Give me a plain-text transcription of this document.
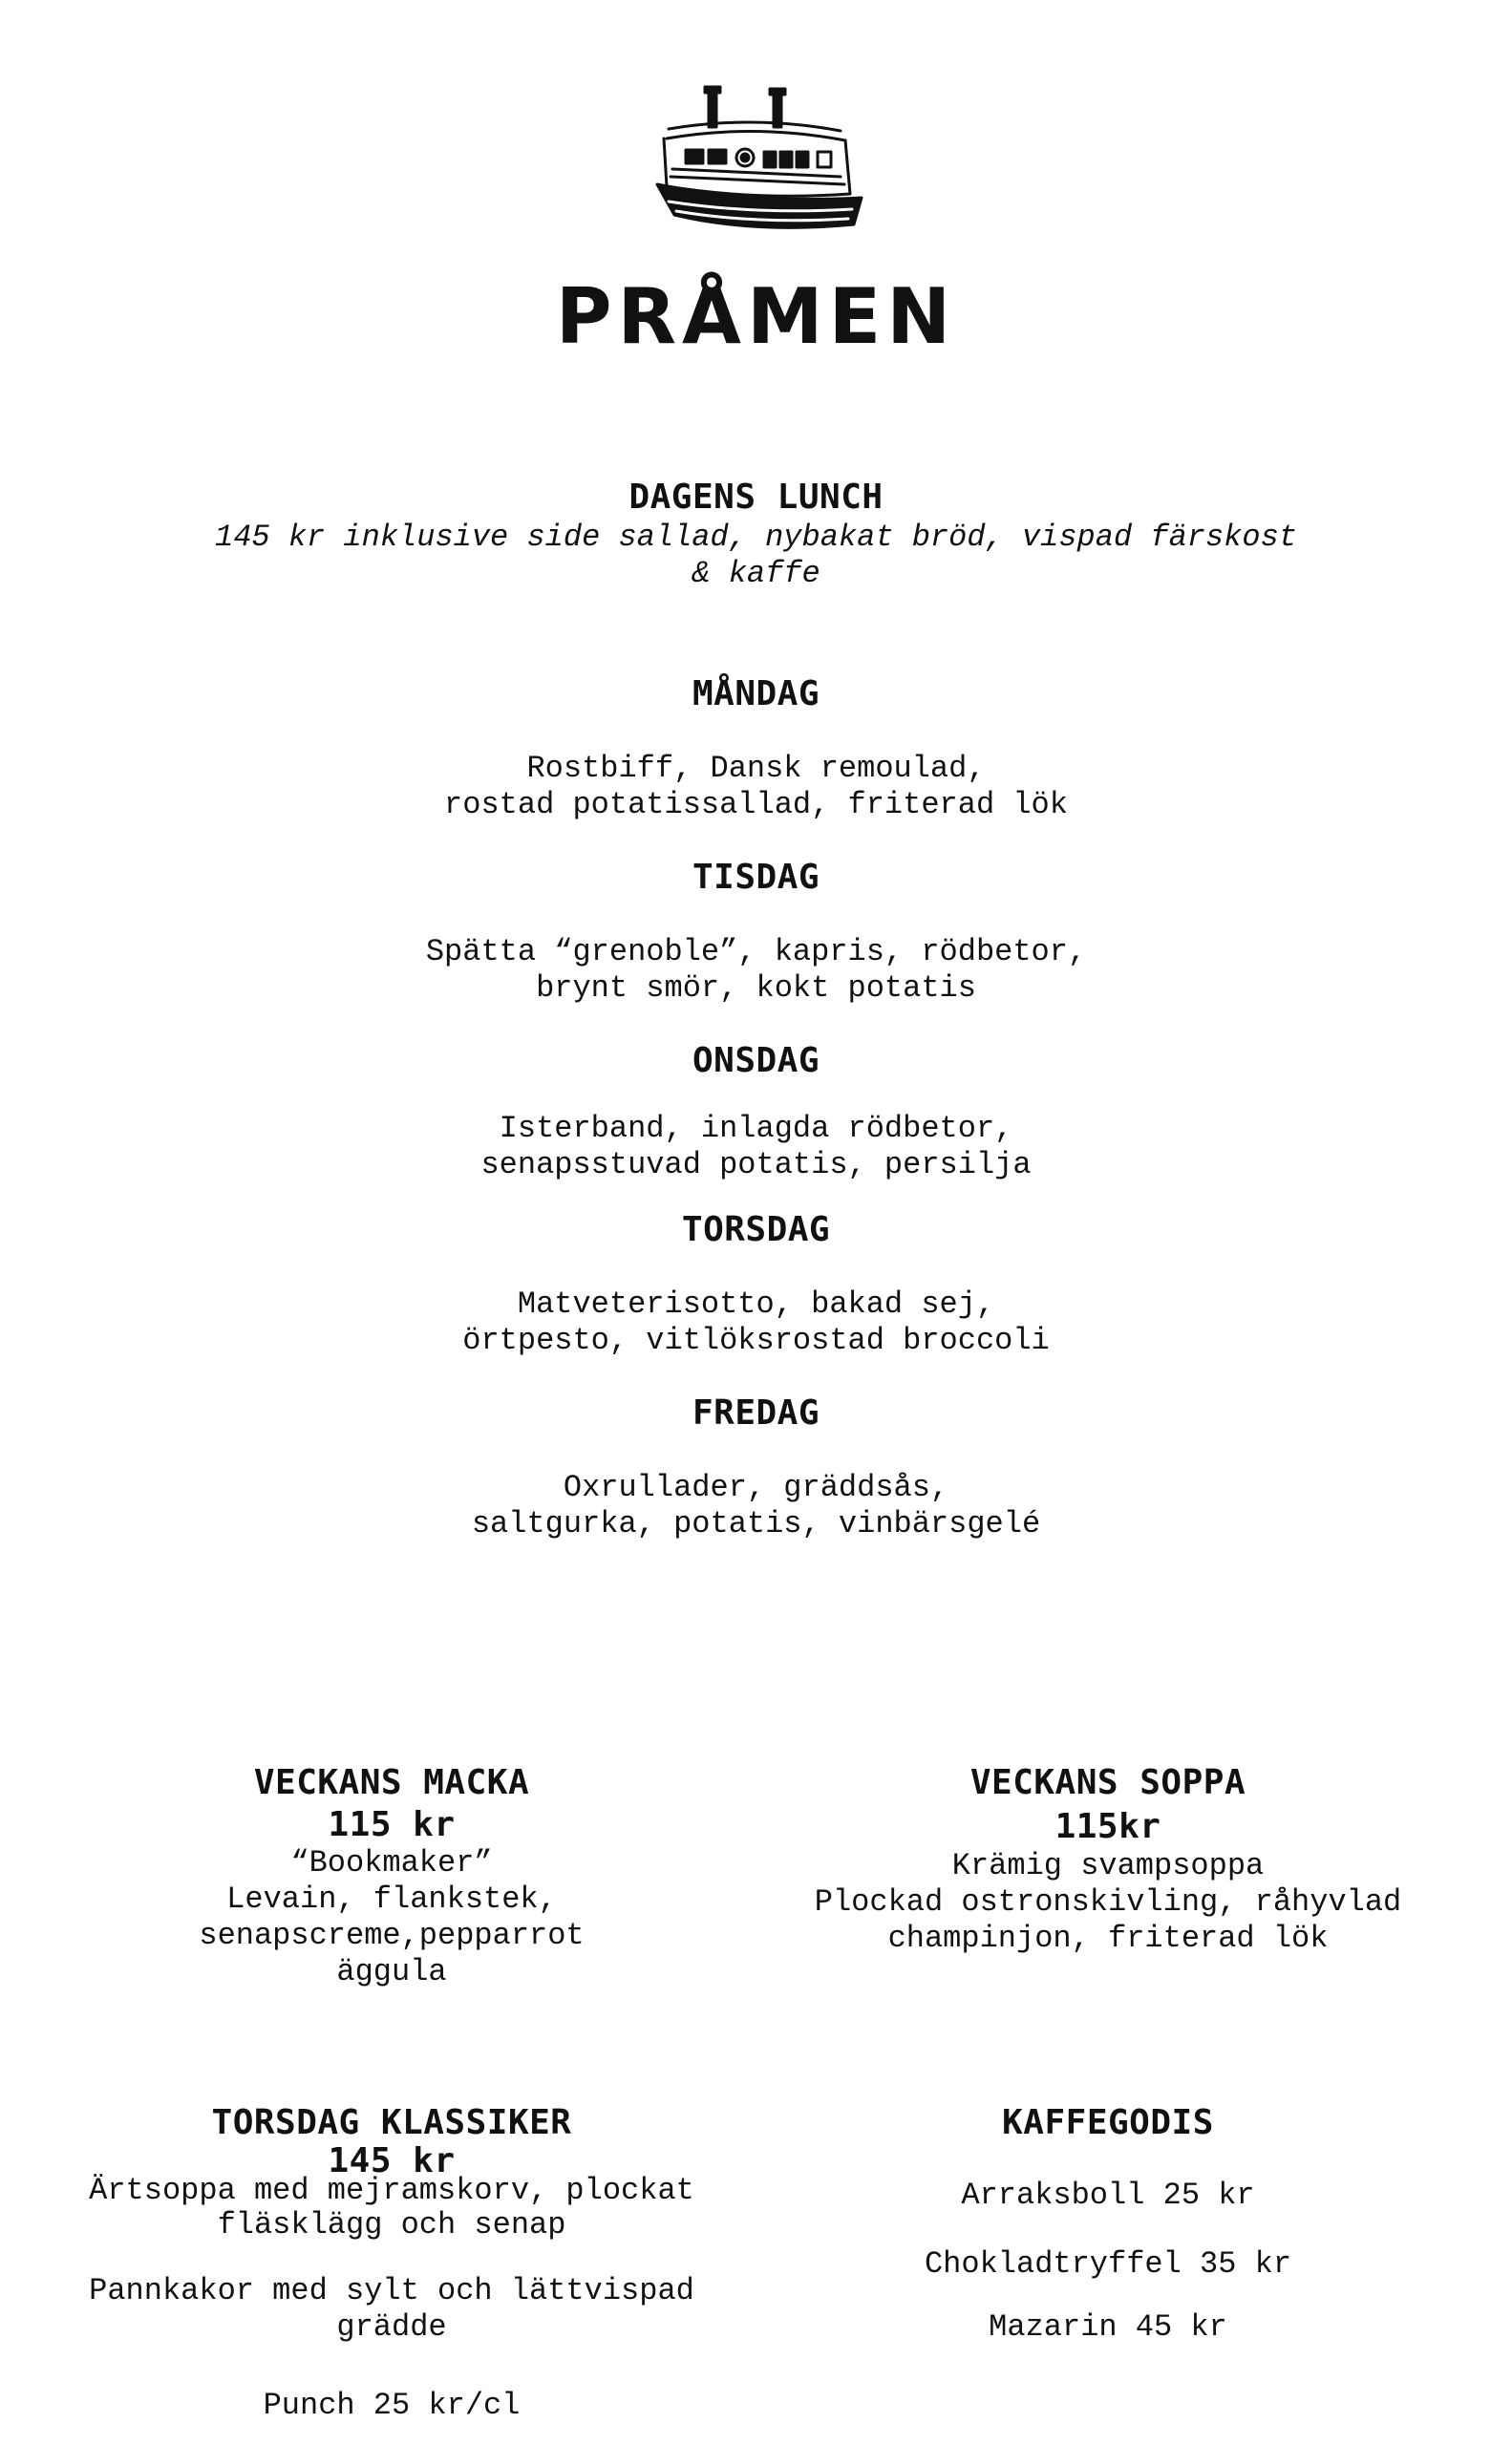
PRÅMEN
DAGENS LUNCH
145 kr inklusive side sallad, nybakat bröd, vispad färskost
& kaffe
MÅNDAG
Rostbiff, Dansk remoulad,
rostad potatissallad, friterad lök
TISDAG
Spätta “grenoble”, kapris, rödbetor,
brynt smör, kokt potatis
ONSDAG
Isterband, inlagda rödbetor,
senapsstuvad potatis, persilja
TORSDAG
Matveterisotto, bakad sej,
örtpesto, vitlöksrostad broccoli
FREDAG
Oxrullader, gräddsås,
saltgurka, potatis, vinbärsgelé
VECKANS MACKA
115 kr
“Bookmaker”
Levain, flankstek,
senapscreme,pepparrot
äggula
VECKANS SOPPA
115kr
Krämig svampsoppa
Plockad ostronskivling, råhyvlad
champinjon, friterad lök
TORSDAG KLASSIKER
145 kr
Ärtsoppa med mejramskorv, plockat
fläsklägg och senap
Pannkakor med sylt och lättvispad
grädde
Punch 25 kr/cl
KAFFEGODIS
Arraksboll 25 kr
Chokladtryffel 35 kr
Mazarin 45 kr
